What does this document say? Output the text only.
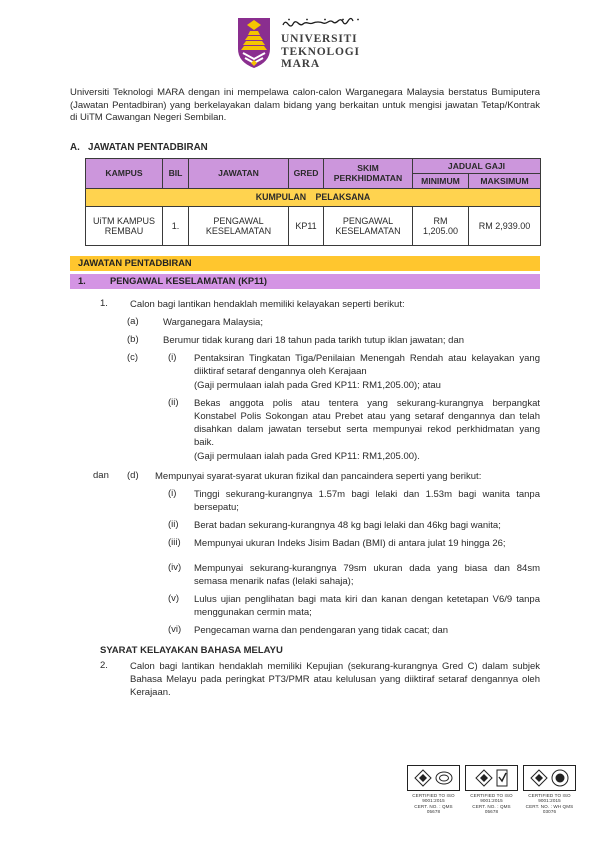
UNIVERSITI
TEKNOLOGI
MARA

Universiti Teknologi MARA dengan ini mempelawa calon-calon Warganegara Malaysia berstatus Bumiputera (Jawatan Pentadbiran) yang berkelayakan dalam bidang yang berkaitan untuk mengisi jawatan Tetap/Kontrak di UiTM Cawangan Negeri Sembilan.

A. JAWATAN PENTADBIRAN
KAMPUS	BIL	JAWATAN	GRED	SKIM PERKHIDMATAN	JADUAL GAJI	
					MINIMUM	MAKSIMUM
KUMPULAN PELAKSANA						
UiTM KAMPUS REMBAU	1.	PENGAWAL KESELAMATAN	KP11	PENGAWAL KESELAMATAN	RM 1,205.00	RM 2,939.00
JAWATAN PENTADBIRAN
1.	PENGAWAL KESELAMATAN (KP11)
1.	Calon bagi lantikan hendaklah memiliki kelayakan seperti berikut:
(a)	Warganegara Malaysia;
(b)	Berumur tidak kurang dari 18 tahun pada tarikh tutup iklan jawatan; dan
(c)	(i)	Pentaksiran Tingkatan Tiga/Penilaian Menengah Rendah atau kelayakan yang diiktiraf setaraf dengannya oleh Kerajaan
(Gaji permulaan ialah pada Gred KP11: RM1,205.00); atau
(ii)	Bekas anggota polis atau tentera yang sekurang-kurangnya berpangkat Konstabel Polis Sokongan atau Prebet atau yang setaraf dengannya dan telah disahkan dalam jawatan tersebut serta mempunyai rekod perkhidmatan yang baik.
(Gaji permulaan ialah pada Gred KP11: RM1,205.00).
dan	(d)	Mempunyai syarat-syarat ukuran fizikal dan pancaindera seperti yang berikut:
(i)	Tinggi sekurang-kurangnya 1.57m bagi lelaki dan 1.53m bagi wanita tanpa bersepatu;
(ii)	Berat badan sekurang-kurangnya 48 kg bagi lelaki dan 46kg bagi wanita;
(iii)	Mempunyai ukuran Indeks Jisim Badan (BMI) di antara julat 19 hingga 26;
(iv)	Mempunyai sekurang-kurangnya 79sm ukuran dada yang biasa dan 84sm semasa menarik nafas (lelaki sahaja);
(v)	Lulus ujian penglihatan bagi mata kiri dan kanan dengan ketetapan V6/9 tanpa menggunakan cermin mata;
(vi)	Pengecaman warna dan pendengaran yang tidak cacat; dan
SYARAT KELAYAKAN BAHASA MELAYU
2.	Calon bagi lantikan hendaklah memiliki Kepujian (sekurang-kurangnya Gred C) dalam subjek Bahasa Melayu pada peringkat PT3/PMR atau kelulusan yang diiktiraf setaraf dengannya oleh Kerajaan.
CERTIFIED TO ISO 9001:2015
CERT. NO. : QMS 05678
CERTIFIED TO ISO 9001:2015
CERT. NO. : QMS 05678
CERTIFIED TO ISO 9001:2015
CERT. NO. : WH QMS 03076
